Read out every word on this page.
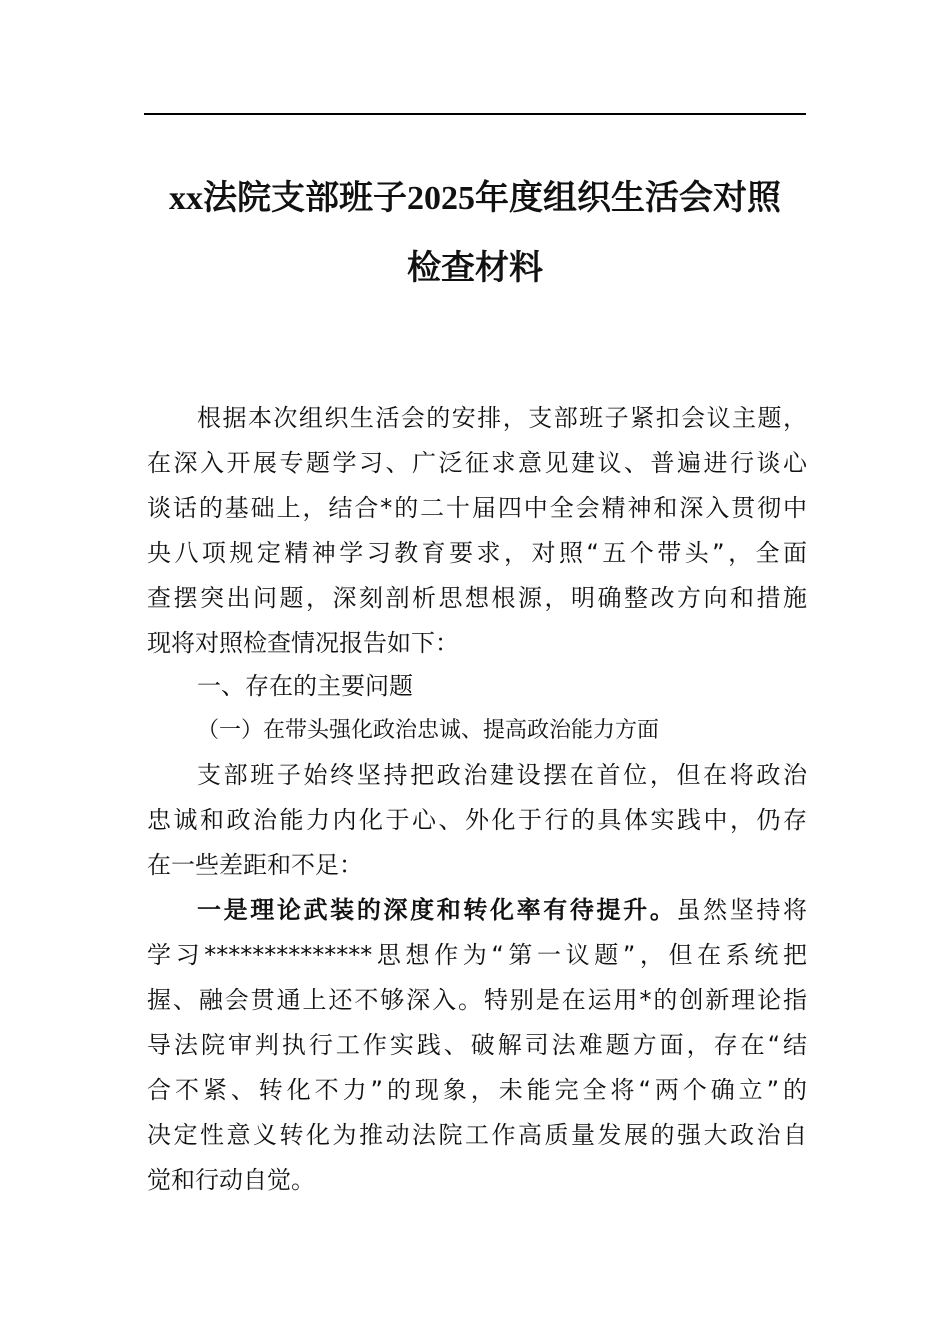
xx法院支部班子2025年度组织生活会对照
检查材料
根据本次组织生活会的安排，支部班子紧扣会议主题，
在深入开展专题学习、广泛征求意见建议、普遍进行谈心
谈话的基础上，结合*的二十届四中全会精神和深入贯彻中
央八项规定精神学习教育要求，对照“五个带头”，全面
查摆突出问题，深刻剖析思想根源，明确整改方向和措施
现将对照检查情况报告如下：
一、存在的主要问题
（一）在带头强化政治忠诚、提高政治能力方面
支部班子始终坚持把政治建设摆在首位，但在将政治
忠诚和政治能力内化于心、外化于行的具体实践中，仍存
在一些差距和不足：
一是理论武装的深度和转化率有待提升。虽然坚持将
学习**************思想作为“第一议题”，但在系统把
握、融会贯通上还不够深入。特别是在运用*的创新理论指
导法院审判执行工作实践、破解司法难题方面，存在“结
合不紧、转化不力”的现象，未能完全将“两个确立”的
决定性意义转化为推动法院工作高质量发展的强大政治自
觉和行动自觉。
